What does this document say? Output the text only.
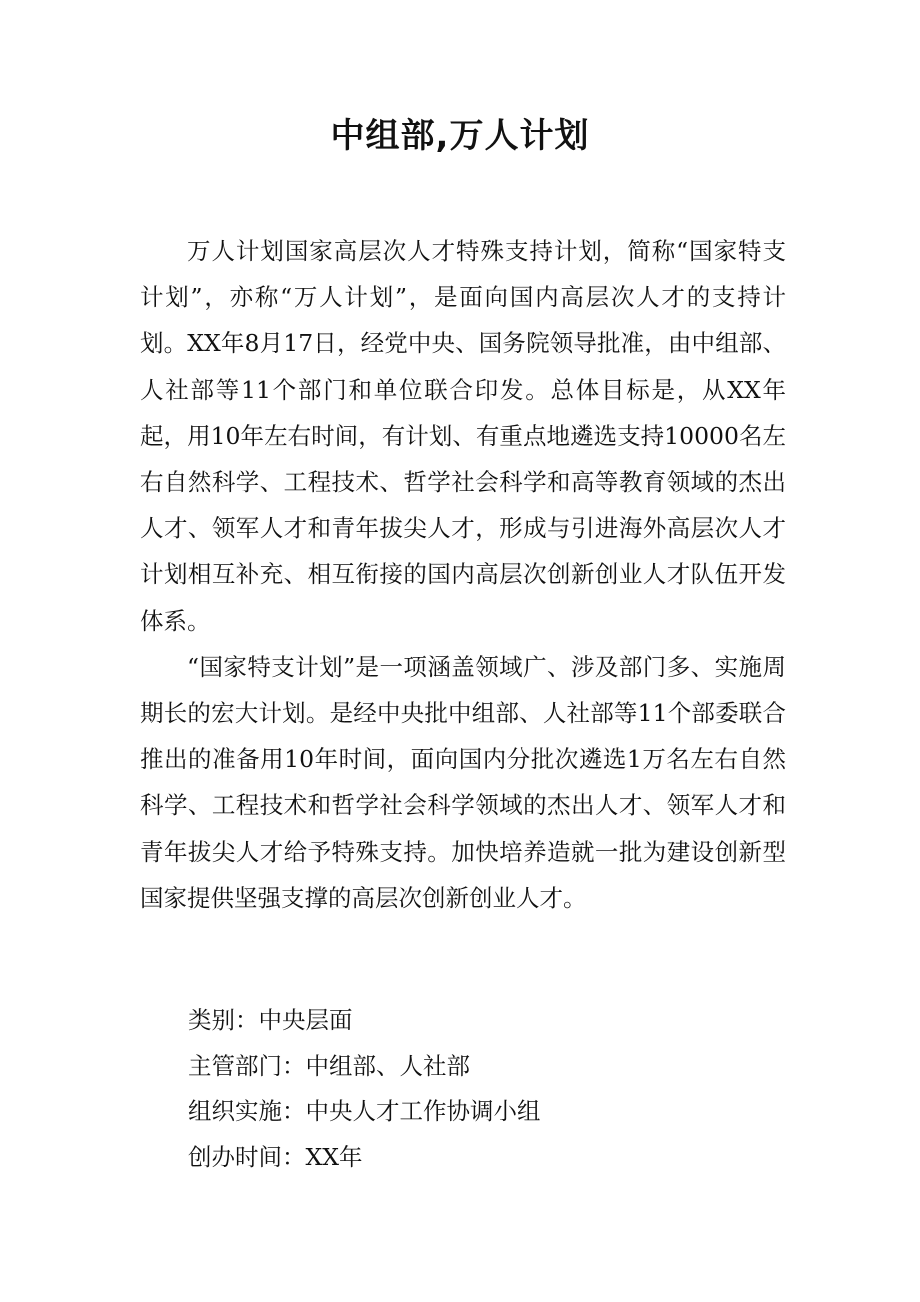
中组部,万人计划

万人计划国家高层次人才特殊支持计划，简称“国家特支计划”，亦称“万人计划”，是面向国内高层次人才的支持计划。XX年8月17日，经党中央、国务院领导批准，由中组部、人社部等11个部门和单位联合印发。总体目标是，从XX年起，用10年左右时间，有计划、有重点地遴选支持10000名左右自然科学、工程技术、哲学社会科学和高等教育领域的杰出人才、领军人才和青年拔尖人才，形成与引进海外高层次人才计划相互补充、相互衔接的国内高层次创新创业人才队伍开发体系。

“国家特支计划”是一项涵盖领域广、涉及部门多、实施周期长的宏大计划。是经中央批中组部、人社部等11个部委联合推出的准备用10年时间，面向国内分批次遴选1万名左右自然科学、工程技术和哲学社会科学领域的杰出人才、领军人才和青年拔尖人才给予特殊支持。加快培养造就一批为建设创新型国家提供坚强支撑的高层次创新创业人才。

类别：中央层面
主管部门：中组部、人社部
组织实施：中央人才工作协调小组
创办时间：XX年
